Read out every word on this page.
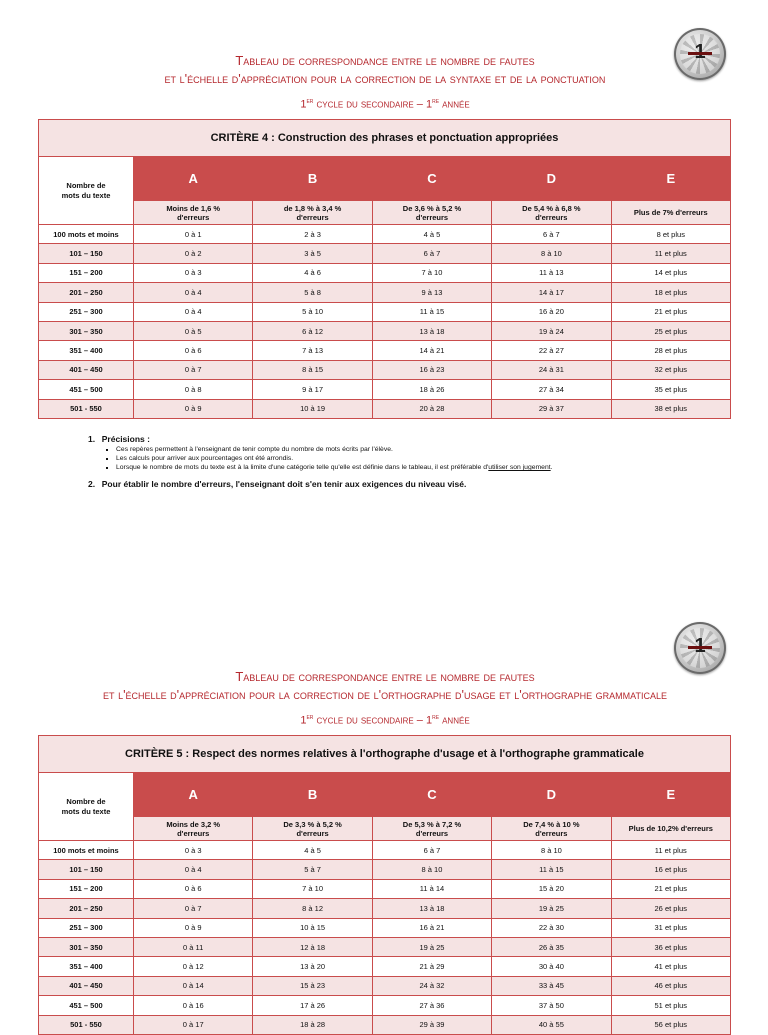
Tableau de correspondance entre le nombre de fautes
et l'échelle d'appréciation pour la correction de la syntaxe et de la ponctuation
1er cycle du secondaire – 1re année
CRITÈRE 4 : Construction des phrases et ponctuation appropriées					
Nombre de mots du texte	A	B	C	D	E
	Moins de 1,6 % d'erreurs	de 1,8 % à 3,4 % d'erreurs	De 3,6 % à 5,2 % d'erreurs	De 5,4 % à 6,8 % d'erreurs	Plus de 7% d'erreurs
100 mots et moins	0 à 1	2 à 3	4 à 5	6 à 7	8 et plus
101 – 150	0 à 2	3 à 5	6 à 7	8 à 10	11 et plus
151 – 200	0 à 3	4 à 6	7 à 10	11 à 13	14 et plus
201 – 250	0 à 4	5 à 8	9 à 13	14 à 17	18 et plus
251 – 300	0 à 4	5 à 10	11 à 15	16 à 20	21 et plus
301 – 350	0 à 5	6 à 12	13 à 18	19 à 24	25 et plus
351 – 400	0 à 6	7 à 13	14 à 21	22 à 27	28 et plus
401 – 450	0 à 7	8 à 15	16 à 23	24 à 31	32 et plus
451 – 500	0 à 8	9 à 17	18 à 26	27 à 34	35 et plus
501 - 550	0 à 9	10 à 19	20 à 28	29 à 37	38 et plus
1. Précisions :
▪ Ces repères permettent à l'enseignant de tenir compte du nombre de mots écrits par l'élève.
▪ Les calculs pour arriver aux pourcentages ont été arrondis.
▪ Lorsque le nombre de mots du texte est à la limite d'une catégorie telle qu'elle est définie dans le tableau, il est préférable d'utiliser son jugement.
2. Pour établir le nombre d'erreurs, l'enseignant doit s'en tenir aux exigences du niveau visé.
Tableau de correspondance entre le nombre de fautes
et l'échelle d'appréciation pour la correction de l'orthographe d'usage et l'orthographe grammaticale
1er cycle du secondaire – 1re année
CRITÈRE 5 : Respect des normes relatives à l'orthographe d'usage et à l'orthographe grammaticale					
Nombre de mots du texte	A	B	C	D	E
	Moins de 3,2 % d'erreurs	De 3,3 % à 5,2 % d'erreurs	De 5,3 % à 7,2 % d'erreurs	De 7,4 % à 10 % d'erreurs	Plus de 10,2% d'erreurs
100 mots et moins	0 à 3	4 à 5	6 à 7	8 à 10	11 et plus
101 – 150	0 à 4	5 à 7	8 à 10	11 à 15	16 et plus
151 – 200	0 à 6	7 à 10	11 à 14	15 à 20	21 et plus
201 – 250	0 à 7	8 à 12	13 à 18	19 à 25	26 et plus
251 – 300	0 à 9	10 à 15	16 à 21	22 à 30	31 et plus
301 – 350	0 à 11	12 à 18	19 à 25	26 à 35	36 et plus
351 – 400	0 à 12	13 à 20	21 à 29	30 à 40	41 et plus
401 – 450	0 à 14	15 à 23	24 à 32	33 à 45	46 et plus
451 – 500	0 à 16	17 à 26	27 à 36	37 à 50	51 et plus
501 - 550	0 à 17	18 à 28	29 à 39	40 à 55	56 et plus
